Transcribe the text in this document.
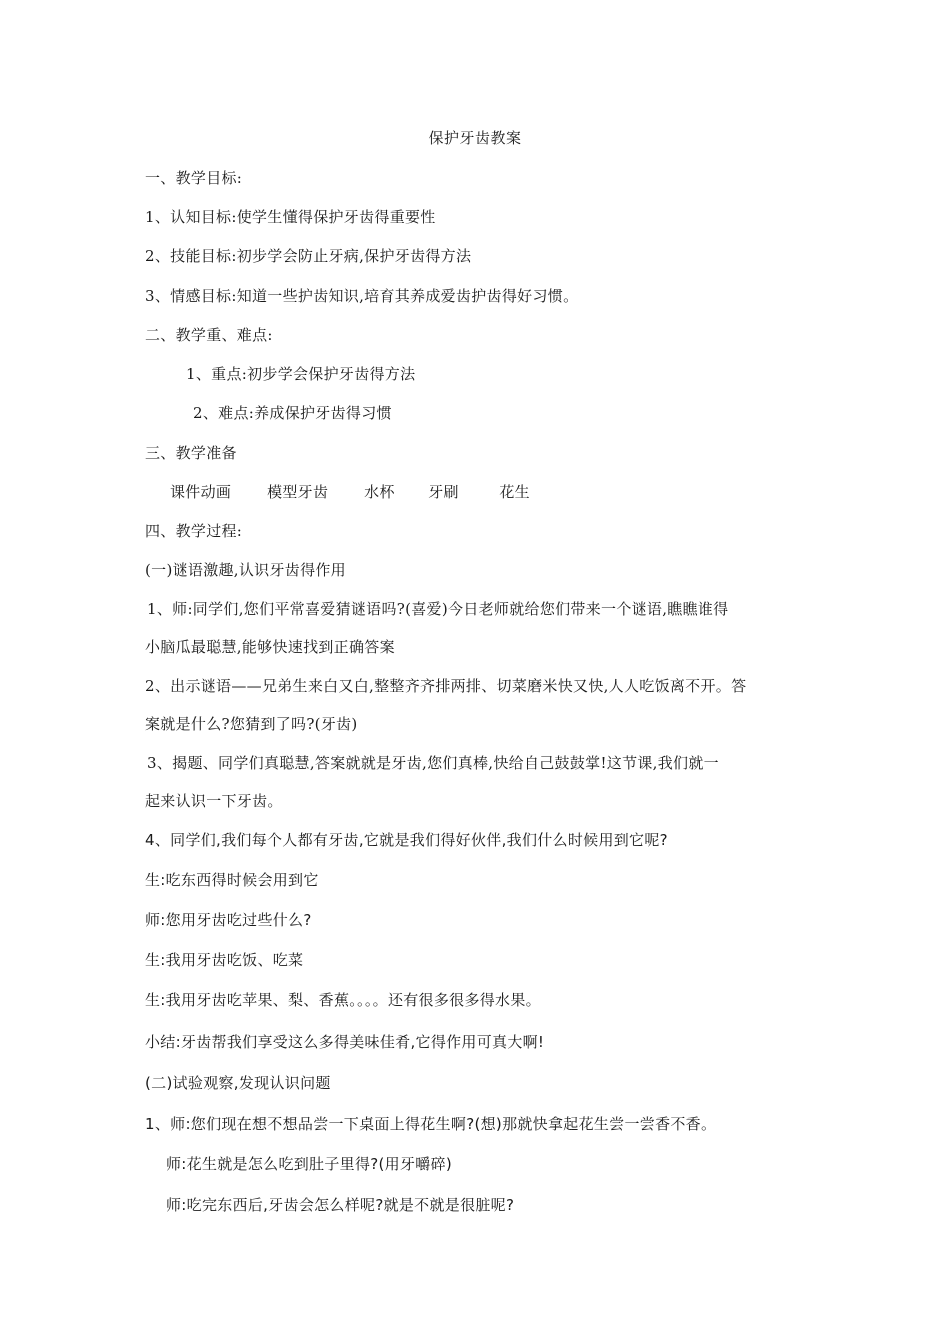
保护牙齿教案
一、教学目标:
1、认知目标:使学生懂得保护牙齿得重要性
2、技能目标:初步学会防止牙病,保护牙齿得方法
3、情感目标:知道一些护齿知识,培育其养成爱齿护齿得好习惯。
二、教学重、难点:
1、重点:初步学会保护牙齿得方法
2、难点:养成保护牙齿得习惯
三、教学准备
课件动画 模型牙齿 水杯 牙刷	花生
四、教学过程:
(一)谜语激趣,认识牙齿得作用
1、师:同学们,您们平常喜爱猜谜语吗?(喜爱)今日老师就给您们带来一个谜语,瞧瞧谁得
小脑瓜最聪慧,能够快速找到正确答案
2、出示谜语——兄弟生来白又白,整整齐齐排两排、切菜磨米快又快,人人吃饭离不开。答
案就是什么?您猜到了吗?(牙齿)
3、揭题、同学们真聪慧,答案就就是牙齿,您们真棒,快给自己鼓鼓掌!这节课,我们就一
起来认识一下牙齿。
4、同学们,我们每个人都有牙齿,它就是我们得好伙伴,我们什么时候用到它呢?
生:吃东西得时候会用到它
师:您用牙齿吃过些什么?
生:我用牙齿吃饭、吃菜
生:我用牙齿吃苹果、梨、香蕉。。。。还有很多很多得水果。
小结:牙齿帮我们享受这么多得美味佳肴,它得作用可真大啊!
(二)试验观察,发现认识问题
1、师:您们现在想不想品尝一下桌面上得花生啊?(想)那就快拿起花生尝一尝香不香。
师:花生就是怎么吃到肚子里得?(用牙嚼碎)
师:吃完东西后,牙齿会怎么样呢?就是不就是很脏呢?
